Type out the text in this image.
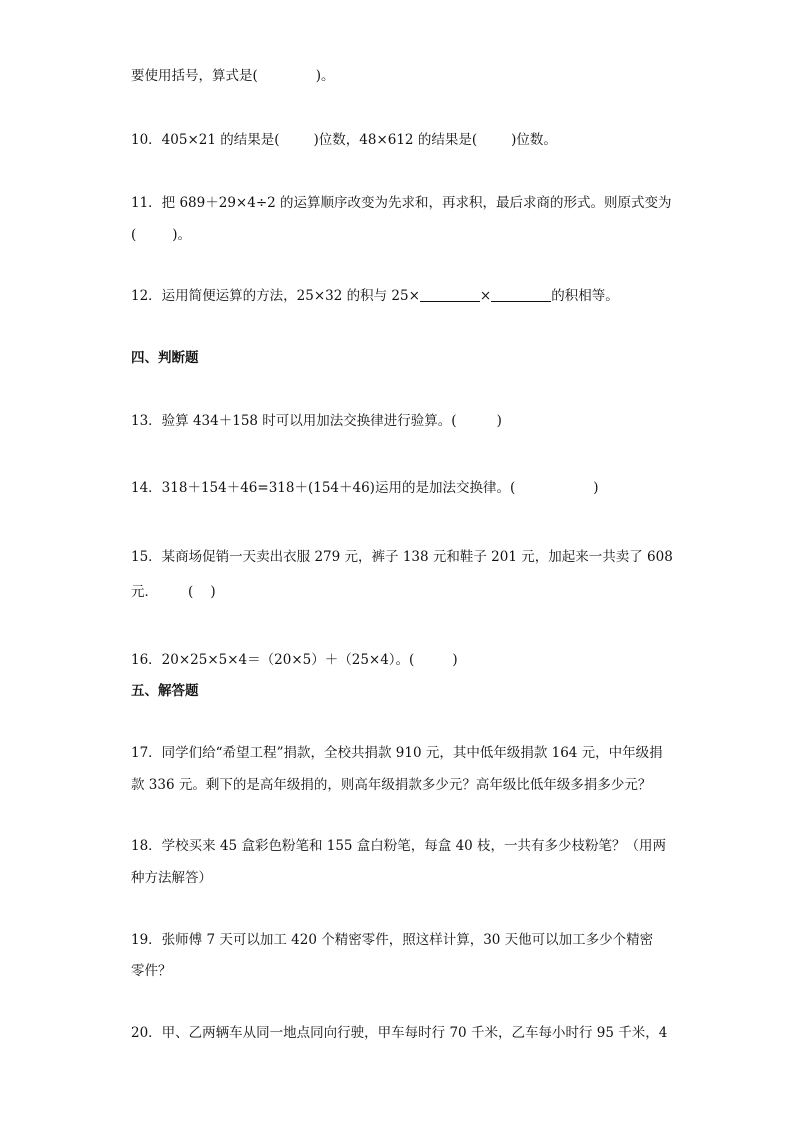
要使用括号，算式是(	)。

10．405×21 的结果是(	)位数，48×612 的结果是(	)位数。

11．把 689＋29×4÷2 的运算顺序改变为先求和，再求积，最后求商的形式。则原式变为

(	)。

12．运用简便运算的方法，25×32 的积与 25×	×	的积相等。

四、判断题

13．验算 434＋158 时可以用加法交换律进行验算。(	)

14．318＋154＋46=318＋(154＋46)运用的是加法交换律。(	)

15．某商场促销一天卖出衣服 279 元，裤子 138 元和鞋子 201 元，加起来一共卖了 608

元． (    )

16．20×25×5×4＝（20×5）＋（25×4）。(	)

五、解答题

17．同学们给“希望工程”捐款，全校共捐款 910 元，其中低年级捐款 164 元，中年级捐

款 336 元。剩下的是高年级捐的，则高年级捐款多少元？高年级比低年级多捐多少元？

18．学校买来 45 盒彩色粉笔和 155 盒白粉笔，每盒 40 枝，一共有多少枝粉笔？（用两

种方法解答）

19．张师傅 7 天可以加工 420 个精密零件，照这样计算，30 天他可以加工多少个精密

零件？

20．甲、乙两辆车从同一地点同向行驶，甲车每时行 70 千米，乙车每小时行 95 千米，4
